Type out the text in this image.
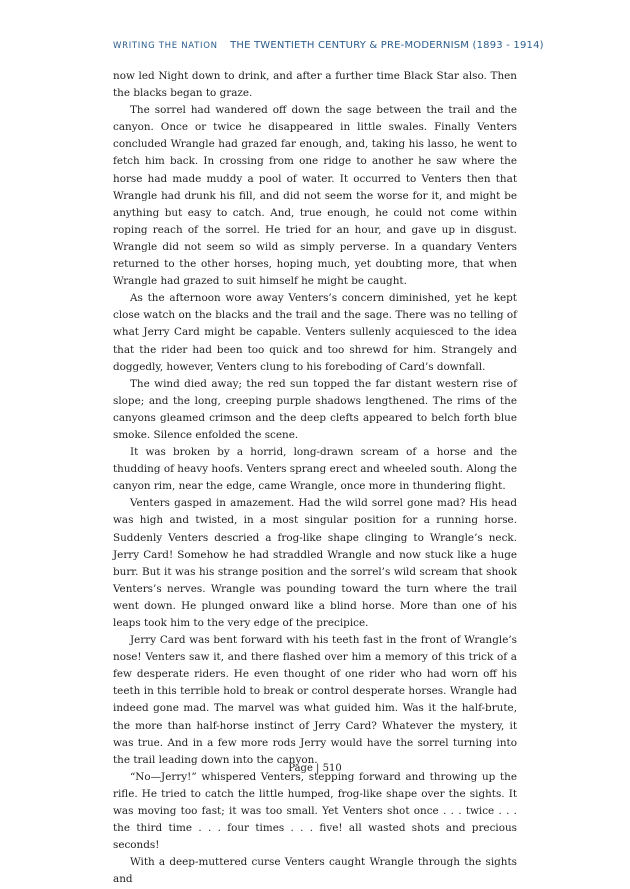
WRITING THE NATION THE TWENTIETH CENTURY & PRE-MODERNISM (1893 - 1914)

now led Night down to drink, and after a further time Black Star also. Then the blacks began to graze.

The sorrel had wandered off down the sage between the trail and the canyon. Once or twice he disappeared in little swales. Finally Venters concluded Wrangle had grazed far enough, and, taking his lasso, he went to fetch him back. In crossing from one ridge to another he saw where the horse had made muddy a pool of water. It occurred to Venters then that Wrangle had drunk his fill, and did not seem the worse for it, and might be anything but easy to catch. And, true enough, he could not come within roping reach of the sorrel. He tried for an hour, and gave up in disgust. Wrangle did not seem so wild as simply perverse. In a quandary Venters returned to the other horses, hoping much, yet doubting more, that when Wrangle had grazed to suit himself he might be caught.

As the afternoon wore away Venters’s concern diminished, yet he kept close watch on the blacks and the trail and the sage. There was no telling of what Jerry Card might be capable. Venters sullenly acquiesced to the idea that the rider had been too quick and too shrewd for him. Strangely and doggedly, however, Venters clung to his foreboding of Card’s downfall.

The wind died away; the red sun topped the far distant western rise of slope; and the long, creeping purple shadows lengthened. The rims of the canyons gleamed crimson and the deep clefts appeared to belch forth blue smoke. Silence enfolded the scene.

It was broken by a horrid, long-drawn scream of a horse and the thudding of heavy hoofs. Venters sprang erect and wheeled south. Along the canyon rim, near the edge, came Wrangle, once more in thundering flight.

Venters gasped in amazement. Had the wild sorrel gone mad? His head was high and twisted, in a most singular position for a running horse. Suddenly Venters descried a frog-like shape clinging to Wrangle’s neck. Jerry Card! Somehow he had straddled Wrangle and now stuck like a huge burr. But it was his strange position and the sorrel’s wild scream that shook Venters’s nerves. Wrangle was pounding toward the turn where the trail went down. He plunged onward like a blind horse. More than one of his leaps took him to the very edge of the precipice.

Jerry Card was bent forward with his teeth fast in the front of Wrangle’s nose! Venters saw it, and there flashed over him a memory of this trick of a few desperate riders. He even thought of one rider who had worn off his teeth in this terrible hold to break or control desperate horses. Wrangle had indeed gone mad. The marvel was what guided him. Was it the half-brute, the more than half-horse instinct of Jerry Card? Whatever the mystery, it was true. And in a few more rods Jerry would have the sorrel turning into the trail leading down into the canyon.

“No—Jerry!” whispered Venters, stepping forward and throwing up the rifle. He tried to catch the little humped, frog-like shape over the sights. It was moving too fast; it was too small. Yet Venters shot once . . . twice . . . the third time . . . four times . . . five! all wasted shots and precious seconds!

With a deep-muttered curse Venters caught Wrangle through the sights and

Page | 510
